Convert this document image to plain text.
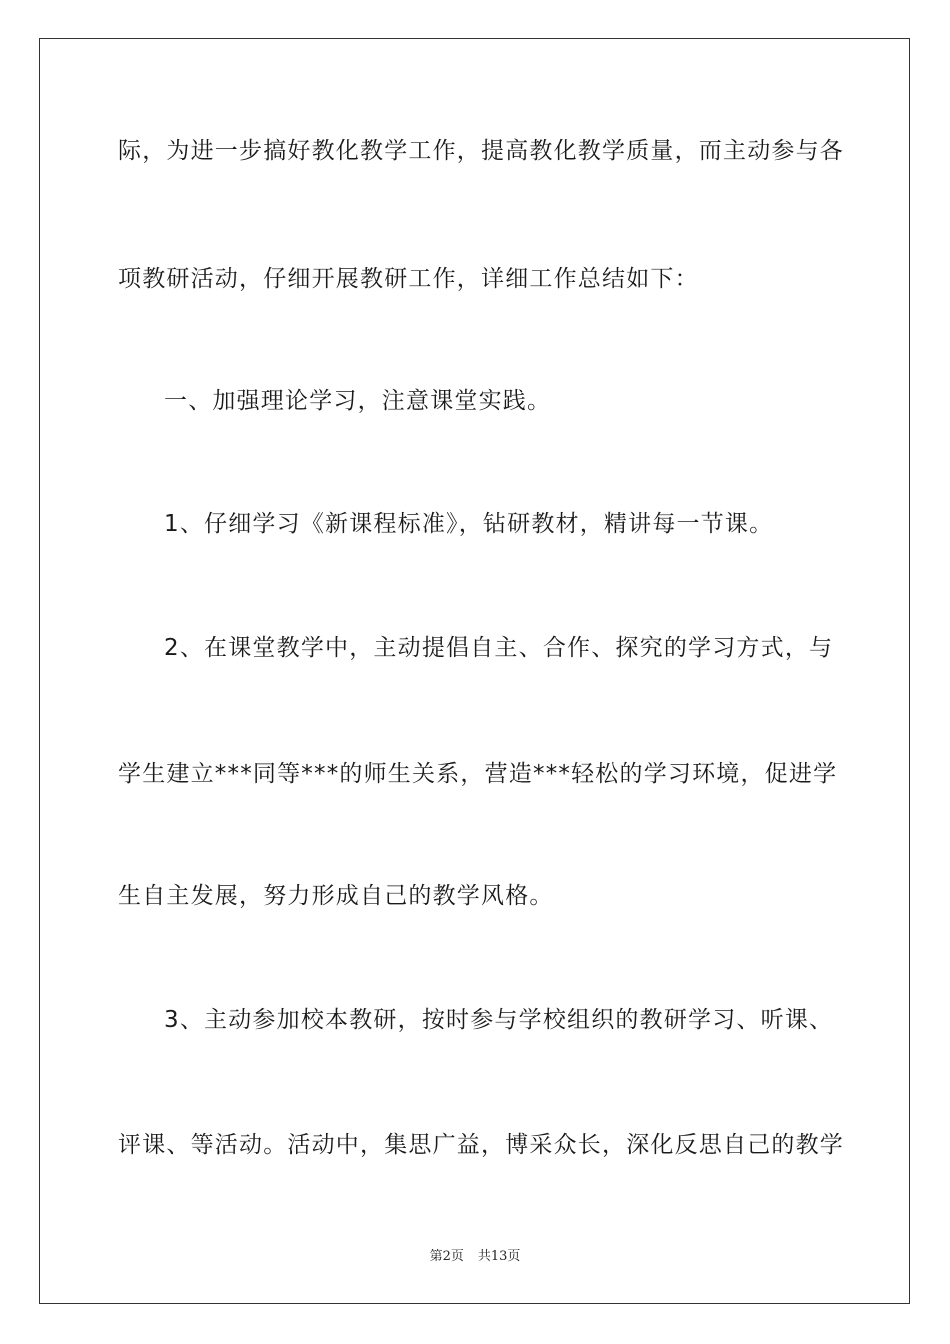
际，为进一步搞好教化教学工作，提高教化教学质量，而主动参与各
项教研活动，仔细开展教研工作，详细工作总结如下：
一、加强理论学习，注意课堂实践。
1、仔细学习《新课程标准》，钻研教材，精讲每一节课。
2、在课堂教学中，主动提倡自主、合作、探究的学习方式，与
学生建立***同等***的师生关系，营造***轻松的学习环境，促进学
生自主发展，努力形成自己的教学风格。
3、主动参加校本教研，按时参与学校组织的教研学习、听课、
评课、等活动。活动中，集思广益，博采众长，深化反思自己的教学
第2页 共13页
